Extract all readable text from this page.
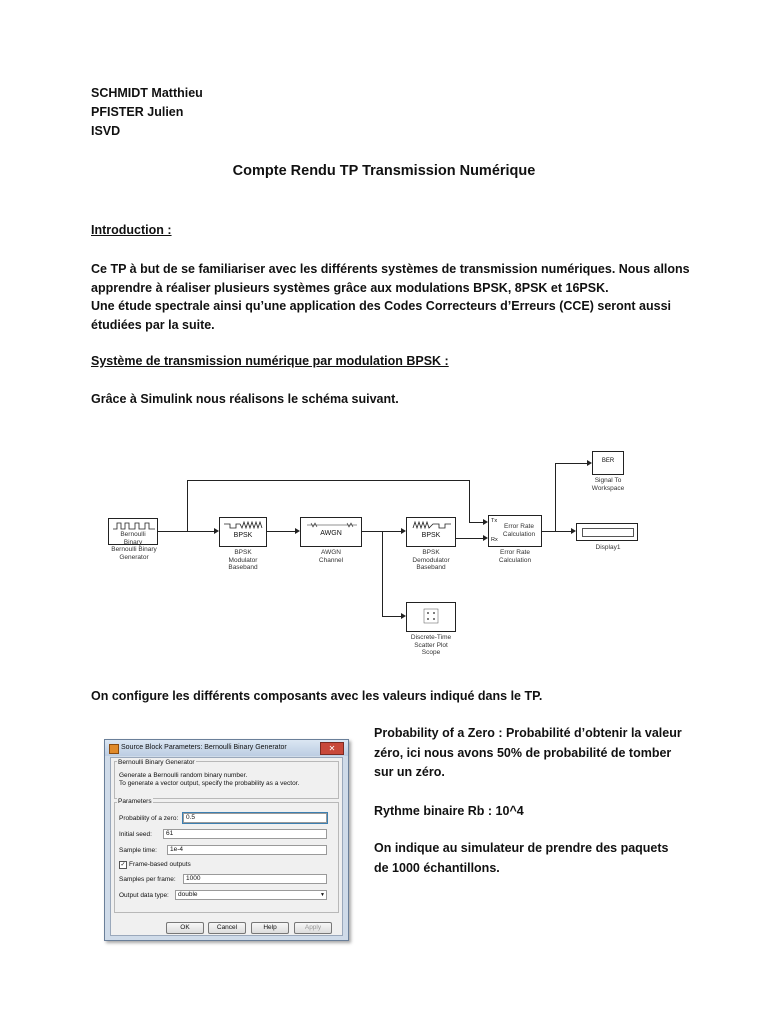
SCHMIDT Matthieu
PFISTER Julien
ISVD
Compte Rendu TP Transmission Numérique
Introduction :
Ce TP à but de se familiariser avec les différents systèmes de transmission numériques. Nous allons
apprendre à réaliser plusieurs systèmes grâce aux modulations BPSK, 8PSK et 16PSK.
Une étude spectrale ainsi qu’une application des Codes Correcteurs d’Erreurs (CCE) seront aussi
étudiées par la suite.
Système de transmission numérique par modulation BPSK :
Grâce à Simulink nous réalisons le schéma suivant.
Bernoulli
Binary
Bernoulli Binary
Generator
BPSK
BPSK
Modulator
Baseband
AWGN
AWGN
Channel
BPSK
BPSK
Demodulator
Baseband
Tx
Rx
Error Rate
Calculation
Error Rate
Calculation
BER
Signal To
Workspace
Display1
Discrete-Time
Scatter Plot
Scope
On configure les différents composants avec les valeurs indiqué dans le TP.
Probability of a Zero : Probabilité d’obtenir la valeur
zéro, ici nous avons 50% de probabilité de tomber
sur un zéro.
Rythme binaire Rb : 10^4
On indique au simulateur de prendre des paquets
de 1000 échantillons.
Source Block Parameters: Bernoulli Binary Generator	✕
Bernoulli Binary Generator
Generate a Bernoulli random binary number.
To generate a vector output, specify the probability as a vector.
Parameters
Probability of a zero:	0.5
Initial seed:	61
Sample time:	1e-4
✓ Frame-based outputs
Samples per frame:	1000
Output data type:	double	▼
OK	Cancel	Help	Apply
